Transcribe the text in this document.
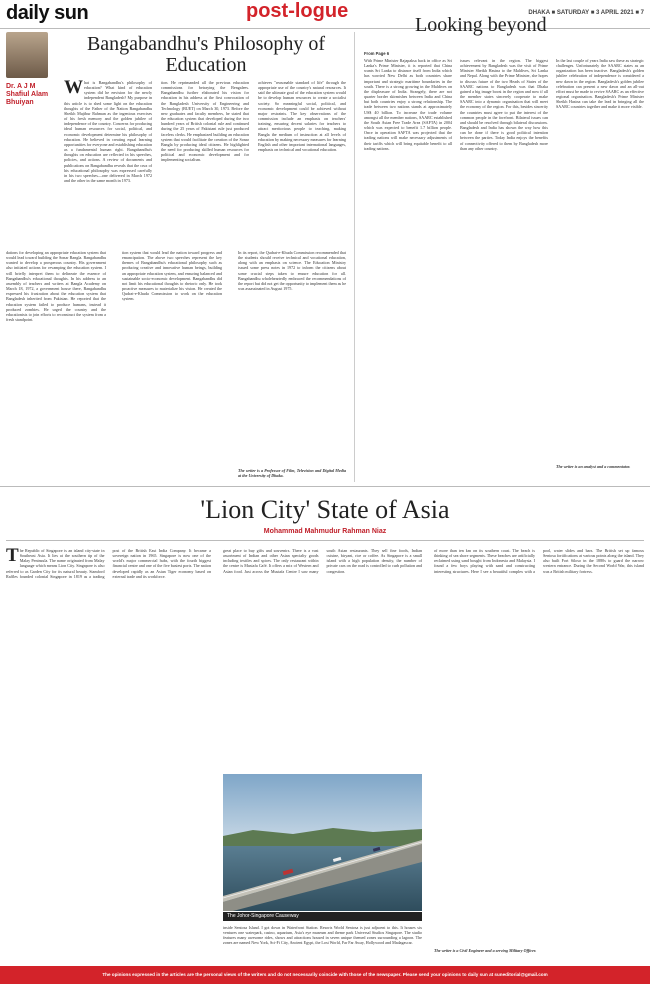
daily sun	post-logue	DHAKA ■ SATURDAY ■ 3 APRIL 2021 ■ 7
Bangabandhu's Philosophy of Education
Dr. A J M Shafiul Alam Bhuiyan
What is Bangabandhu's philosophy of education? What kind of education system did he envision for the newly independent Bangladesh? My purpose in this article is to shed some light on the education thoughts of the Father of the Nation Bangabandhu Sheikh Mujibur Rahman as the ingenious exercises of his fresh memory and the golden jubilee of independence of the country. Concerns for producing ideal human resources for social, political, and economic development determine his philosophy of education. He believed in creating equal learning opportunities for everyone and establishing education as a fundamental human right. Bangabandhu's thoughts on education are reflected in his speeches, policies, and actions. A review of documents and publications on Bangabandhu reveals that the crux of his educational philosophy was expressed carefully in his two speeches—one delivered in March 1972 and the other in the same month in 1973.
tion. He reprimanded all the previous education commissions for betraying the Bengalees. Bangabandhu further elaborated his vision for education in his address at the first convocation of the Bangladesh University of Engineering and Technology (BUET) on March 30, 1973. Before the new graduates and faculty members, he stated that the education system that developed during the two hundred years of British colonial rule and continued during the 25 years of Pakistani rule just produced faceless clerks. He emphasized building an education system that would facilitate the creation of the Sonar Bangla by producing ideal citizens. He highlighted the need for producing skilled human resources for political and economic development and for implementing socialism.
achieves "reasonable standard of life" through the appropriate use of the country's natural resources. It said the ultimate goal of the education system would be to develop human resources to create a socialist society. So meaningful social, political, and economic development could be achieved without major restraints. The key observations of the commission include an emphasis on teachers' training, ensuring decent salaries for teachers to attract meritorious people to teaching, making Bangla the medium of instruction at all levels of education by making necessary measures for learning English and other important international languages, emphasis on technical and vocational education.
dations for developing an appropriate education system that would lead toward building the Sonar Bangla. Bangabandhu wanted to develop a prosperous country. His government also initiated actions for revamping the education system. I will briefly interpret them to delineate the essence of Bangabandhu's educational thoughts. In his address to an assembly of teachers and writers at Bangla Academy on March 18, 1972, a government house there, Bangabandhu expressed his frustration about the education system that Bangladesh inherited from Pakistan. He reported that the education system failed to produce humans, instead it produced zombies. He urged the country and the educationists to join efforts to reconstruct the system from a fresh standpoint.
tion system that would lead the nation toward progress and emancipation. The above two speeches represent the key themes of Bangabandhu's educational philosophy such as producing creative and innovative human beings, building an appropriate education system, and ensuring balanced and sustainable socio-economic development. Bangabandhu did not limit his educational thoughts to rhetoric only. He took proactive measures to materialize his vision. He created the Qudrat-e-Khuda Commission to work on the education system.
In its report, the Qudrat-e-Khuda Commission recommended that the students should receive technical and vocational education, along with an emphasis on science. The Education Ministry issued some press notes in 1972 to inform the citizens about some crucial steps taken to ensure education for all. Bangabandhu wholeheartedly embraced the recommendations of the report but did not get the opportunity to implement them as he was assassinated in August 1975.
The writer is a Professor of Film, Television and Digital Media at the University of Dhaka.
Looking beyond
From Page 6
With Prime Minister Rajapaksa back in office as Sri Lanka's Prime Minister, it is reported that China wants Sri Lanka to distance itself from India which has worried New Delhi as both countries share important and strategic maritime boundaries in the south. There is a strong growing in the Maldives on the displeasure of India. Strangely, there are not quarter border skirmishes between India and China but both countries enjoy a strong relationship. The trade between two nations stands at approximately US$ 40 billion. To increase the trade volume amongst all the member nations, SAARC established the South Asian Free Trade Area (SAFTA) in 2004 which was expected to benefit 1.7 billion people. Once in operation SAFTA was projected that the trading nations will make necessary adjustments of their tariffs which will bring equitable benefit to all trading nations.
issues relevant in the region. The biggest achievement by Bangladesh was the visit of Prime Minister Sheikh Hasina to the Maldives, Sri Lanka and Nepal. Along with the Prime Minister, she hopes to discuss future of the two Heads of States of the SAARC nations to Bangladesh was that Dhaka gained a big image boost in the region and now if all the member states sincerely cooperate to make SAARC into a dynamic organisation that will meet the economy of the region. For this, besides sincerity the countries must agree to put the interest of the common people in the forefront. Bilateral issues can and should be resolved through bilateral discussions. Bangladesh and India has shown the way how this can be done if there is good political intention between the parties. Today India enjoys the benefits of connectivity offered to them by Bangladesh more than any other country.
In the last couple of years India saw these as strategic challenges. Unfortunately the SAARC states as an organization has been inactive. Bangladesh's golden jubilee celebration of independence is considered a new dawn in the region. Bangladesh's golden jubilee celebration can present a new dawn and an all-out effort must be made to revive SAARC as an effective regional organisation. Bangladesh's Prime Minister Sheikh Hasina can take the lead in bringing all the SAARC countries together and make it more visible.
The writer is an analyst and a commentator.
'Lion City' State of Asia
Mohammad Mahmudur Rahman Niaz
The Republic of Singapore is an island city-state in Southeast Asia. It lies at the southern tip of the Malay Peninsula. The name originated from Malay language which means Lion City. Singapore is also referred to as Garden City for its natural beauty. Stamford Raffles founded colonial Singapore in 1819 as a trading post of the British East India Company. It became a sovereign nation in 1965. Singapore is now one of the world's major commercial hubs, with the fourth biggest financial centre and one of the five busiest ports. The nation developed rapidly as an Asian Tiger economy based on external trade and its workforce.
great place to buy gifts and souvenirs. There is a vast assortment of Indian and other Asian specialty goods including textiles and spices. The only restaurant within the centre is Mustafa Café. It offers a mix of Western and Asian food. Just across the Mustafa Centre I saw many south Asian restaurants. They sell fine foods, Indian cuisine, biryani, rice or coffee. As Singapore is a small island with a high population density, the number of private cars on the road is controlled to curb pollution and congestion.
inside Sentosa Island. I got down in Waterfront Station. Resorts World Sentosa is just adjacent to this. It houses six ventures one waterpark, casino, aquarium, Asia's eye museum and theme park Universal Studios Singapore. The studio features many awesome rides, shows and attractions housed in seven unique themed zones surrounding a lagoon. The zones are named New York, Sci-Fi City, Ancient Egypt, the Lost World, Far Far Away, Hollywood and Madagascar.
of more than ten km on its southern coast. The beach is thinking of sea shore segments. These beaches are artificially reclaimed using sand bought from Indonesia and Malaysia. I found a few boys playing with sand and constructing interesting structures. Here I see a beautiful complex with a pool, water slides and bars. The British set up famous Sentosa fortifications at various points along the island. They also built Fort Siloso in the 1880s to guard the narrow western entrance. During the Second World War, this island was a British military fortress.
The writer is a Civil Engineer and a serving Military Officer.
The Johor-Singapore Causeway
The opinions expressed in the articles are the personal views of the writers and do not necessarily coincide with those of the newspaper. Please send your opinions to daily sun at suneditorial@gmail.com
